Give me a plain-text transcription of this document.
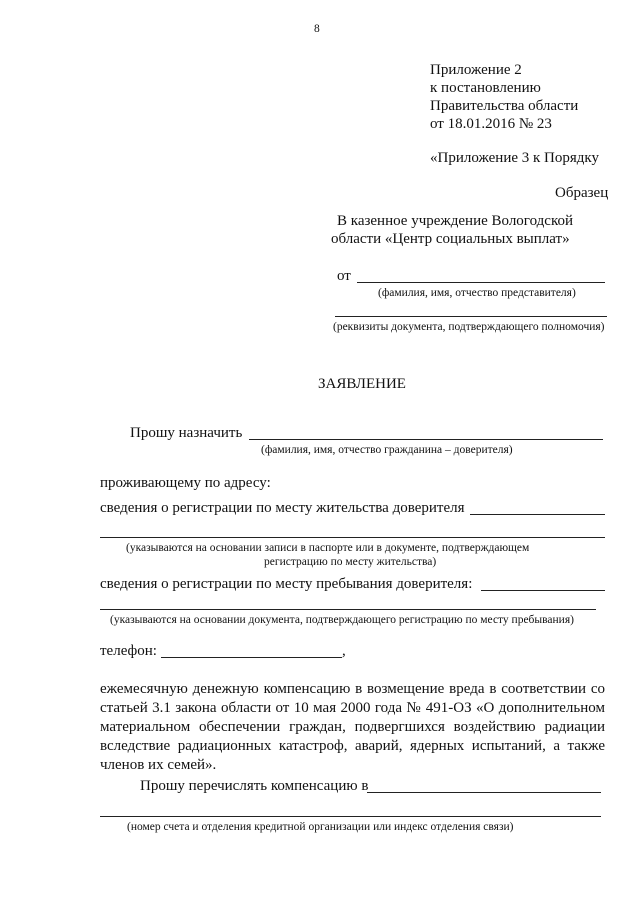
8
Приложение 2
к постановлению
Правительства области
от 18.01.2016 № 23
«Приложение 3 к Порядку
Образец
В казенное учреждение Вологодской
области «Центр социальных выплат»
от
(фамилия, имя, отчество представителя)
(реквизиты документа, подтверждающего полномочия)
ЗАЯВЛЕНИЕ
Прошу назначить
(фамилия, имя, отчество гражданина – доверителя)
проживающему по адресу:
сведения о регистрации по месту жительства доверителя
(указываются на основании записи в паспорте или в документе, подтверждающем
регистрацию по месту жительства)
сведения о регистрации по месту пребывания доверителя:
(указываются на основании документа, подтверждающего регистрацию по месту пребывания)
телефон:	,
ежемесячную денежную компенсацию в возмещение вреда в соответствии со статьей 3.1 закона области от 10 мая 2000 года № 491-ОЗ «О дополнительном материальном обеспечении граждан, подвергшихся воздействию радиации вследствие радиационных катастроф, аварий, ядерных испытаний, а также членов их семей».
Прошу перечислять компенсацию в
(номер счета и отделения кредитной организации или индекс отделения связи)
